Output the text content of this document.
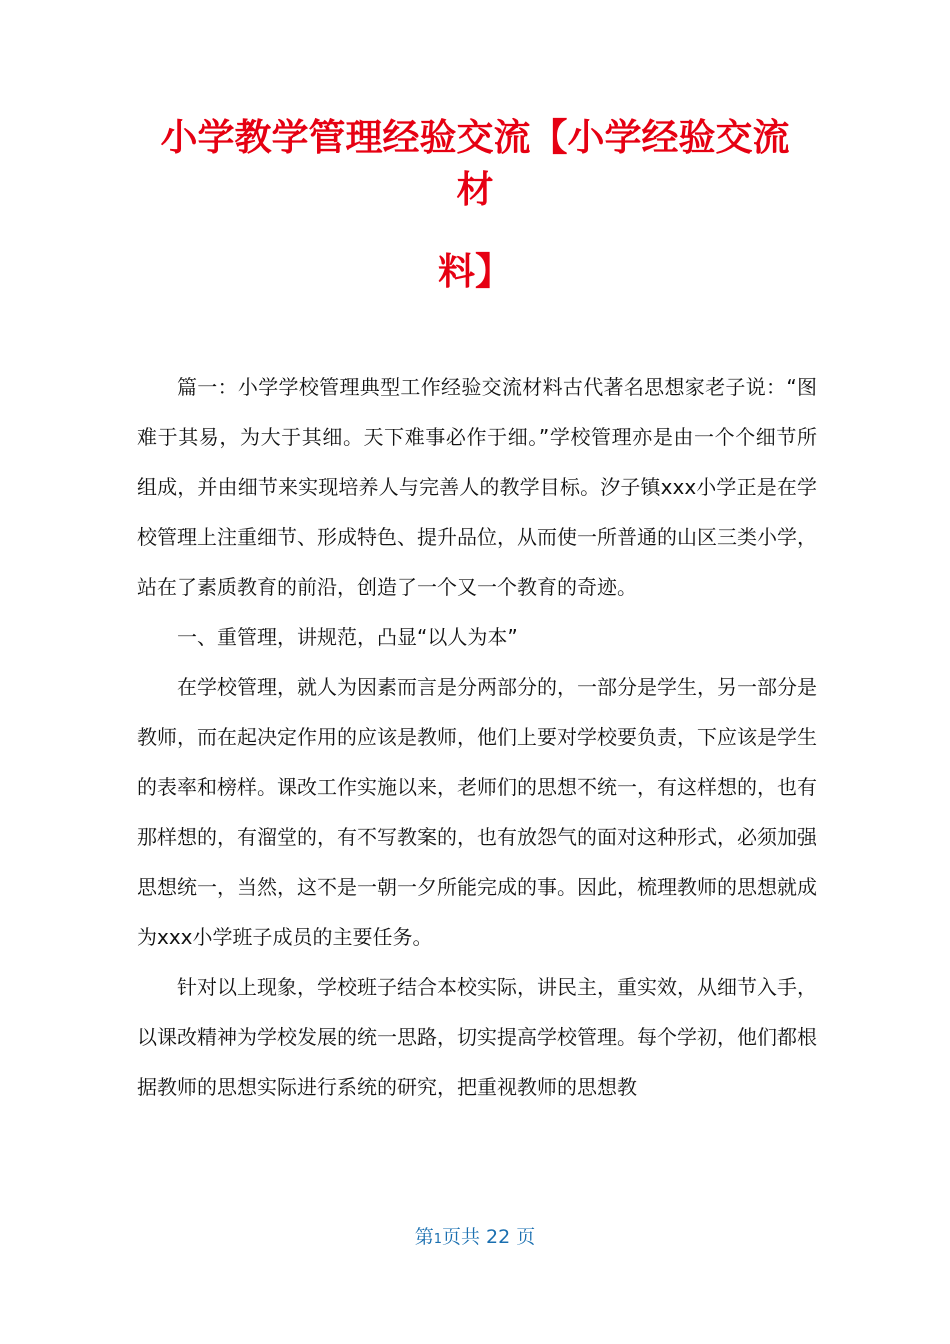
小学教学管理经验交流【小学经验交流
材
料】

篇一：小学学校管理典型工作经验交流材料古代著名思想家老子说：“图难于其易，为大于其细。天下难事必作于细。”学校管理亦是由一个个细节所组成，并由细节来实现培养人与完善人的教学目标。汐子镇xxx小学正是在学校管理上注重细节、形成特色、提升品位，从而使一所普通的山区三类小学，站在了素质教育的前沿，创造了一个又一个教育的奇迹。

一、重管理，讲规范，凸显“以人为本”

在学校管理，就人为因素而言是分两部分的，一部分是学生，另一部分是教师，而在起决定作用的应该是教师，他们上要对学校要负责，下应该是学生的表率和榜样。课改工作实施以来，老师们的思想不统一，有这样想的，也有那样想的，有溜堂的，有不写教案的，也有放怨气的面对这种形式，必须加强思想统一，当然，这不是一朝一夕所能完成的事。因此，梳理教师的思想就成为xxx小学班子成员的主要任务。

针对以上现象，学校班子结合本校实际，讲民主，重实效，从细节入手，以课改精神为学校发展的统一思路，切实提高学校管理。每个学初，他们都根据教师的思想实际进行系统的研究，把重视教师的思想教

第1页共 22 页
